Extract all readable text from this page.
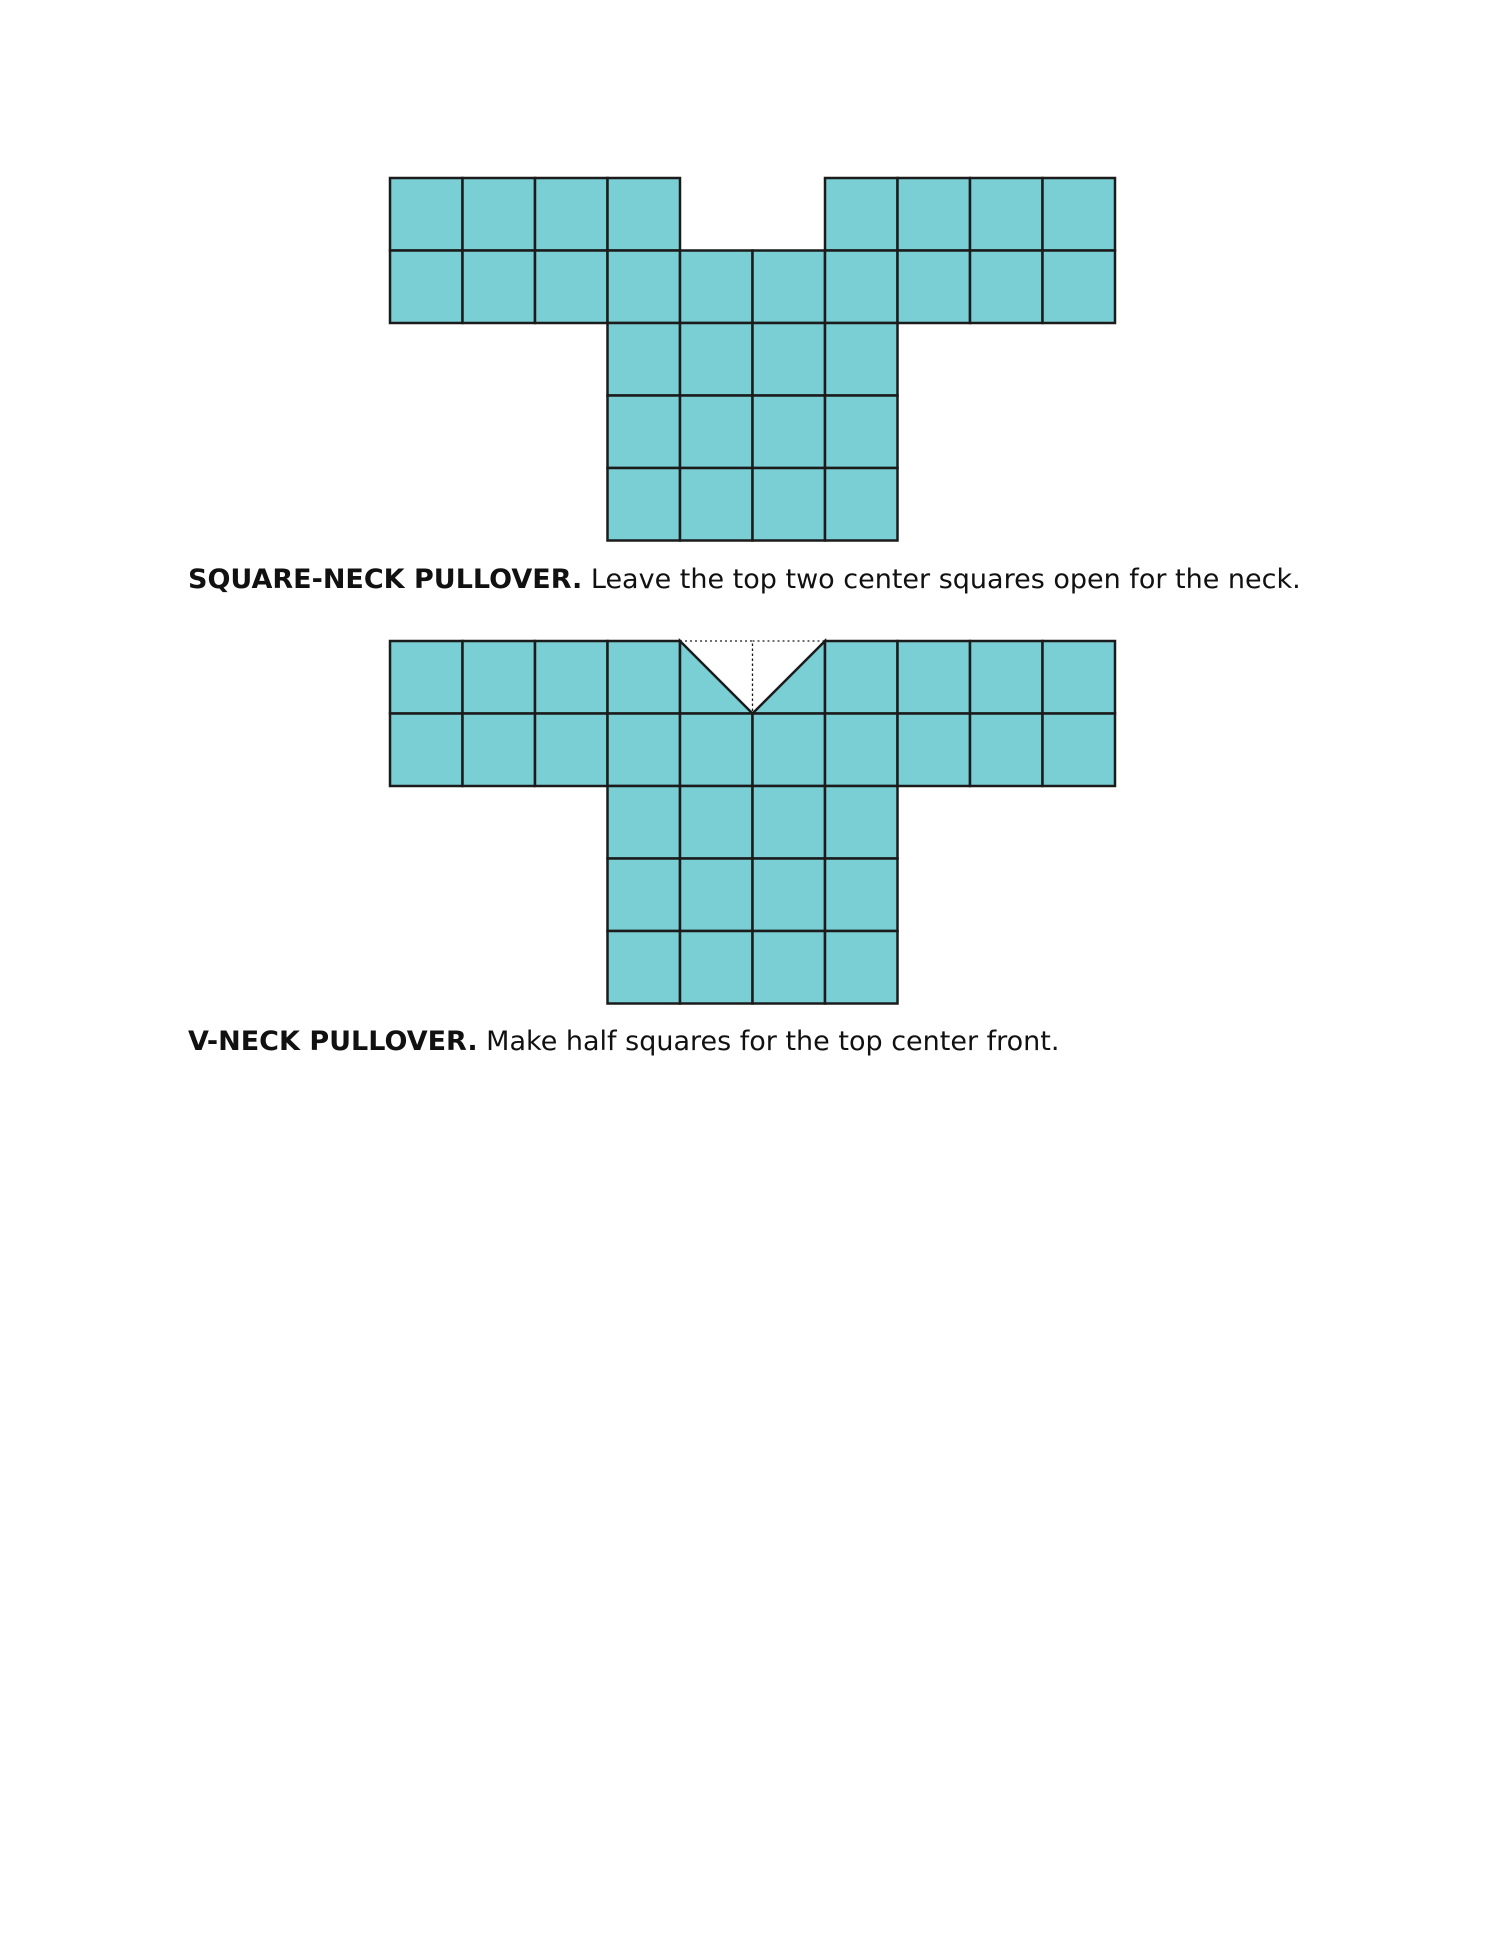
SQUARE-NECK PULLOVER. Leave the top two center squares open for the neck.

V-NECK PULLOVER. Make half squares for the top center front.
